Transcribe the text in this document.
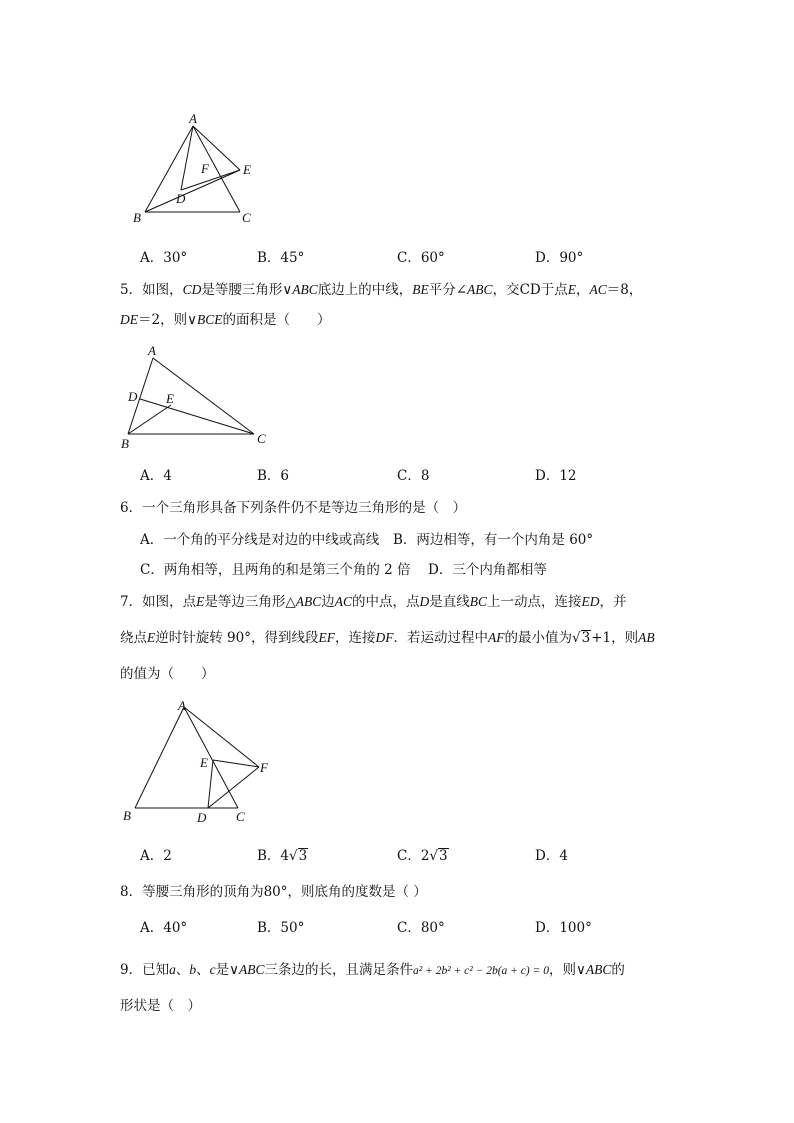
A
B	C
D
E
F
A．30°	B．45°	C．60°	D．90°
5．如图，CD是等腰三角形∨ABC底边上的中线，BE平分∠ABC，交CD于点E，AC＝8，
DE＝2，则∨BCE的面积是（　　）
A
B	C
D E
A．4	B．6	C．8	D．12
6．一个三角形具备下列条件仍不是等边三角形的是（　）
A．一个角的平分线是对边的中线或高线 B．两边相等，有一个内角是 60°
C．两角相等，且两角的和是第三个角的 2 倍 D．三个内角都相等
7．如图，点E是等边三角形△ABC边AC的中点，点D是直线BC上一动点，连接ED，并
绕点E逆时针旋转 90°，得到线段EF，连接DF．若运动过程中AF的最小值为√3+1，则AB
的值为（　　）
A
B	C
D
E	F
A．2	B．4√3	C．2√3	D．4
8．等腰三角形的顶角为80°，则底角的度数是（ ）
A．40°	B．50°	C．80°	D．100°
9．已知a、b、c是∨ABC三条边的长，且满足条件a² + 2b² + c² − 2b(a + c) = 0，则∨ABC的
形状是（　）
